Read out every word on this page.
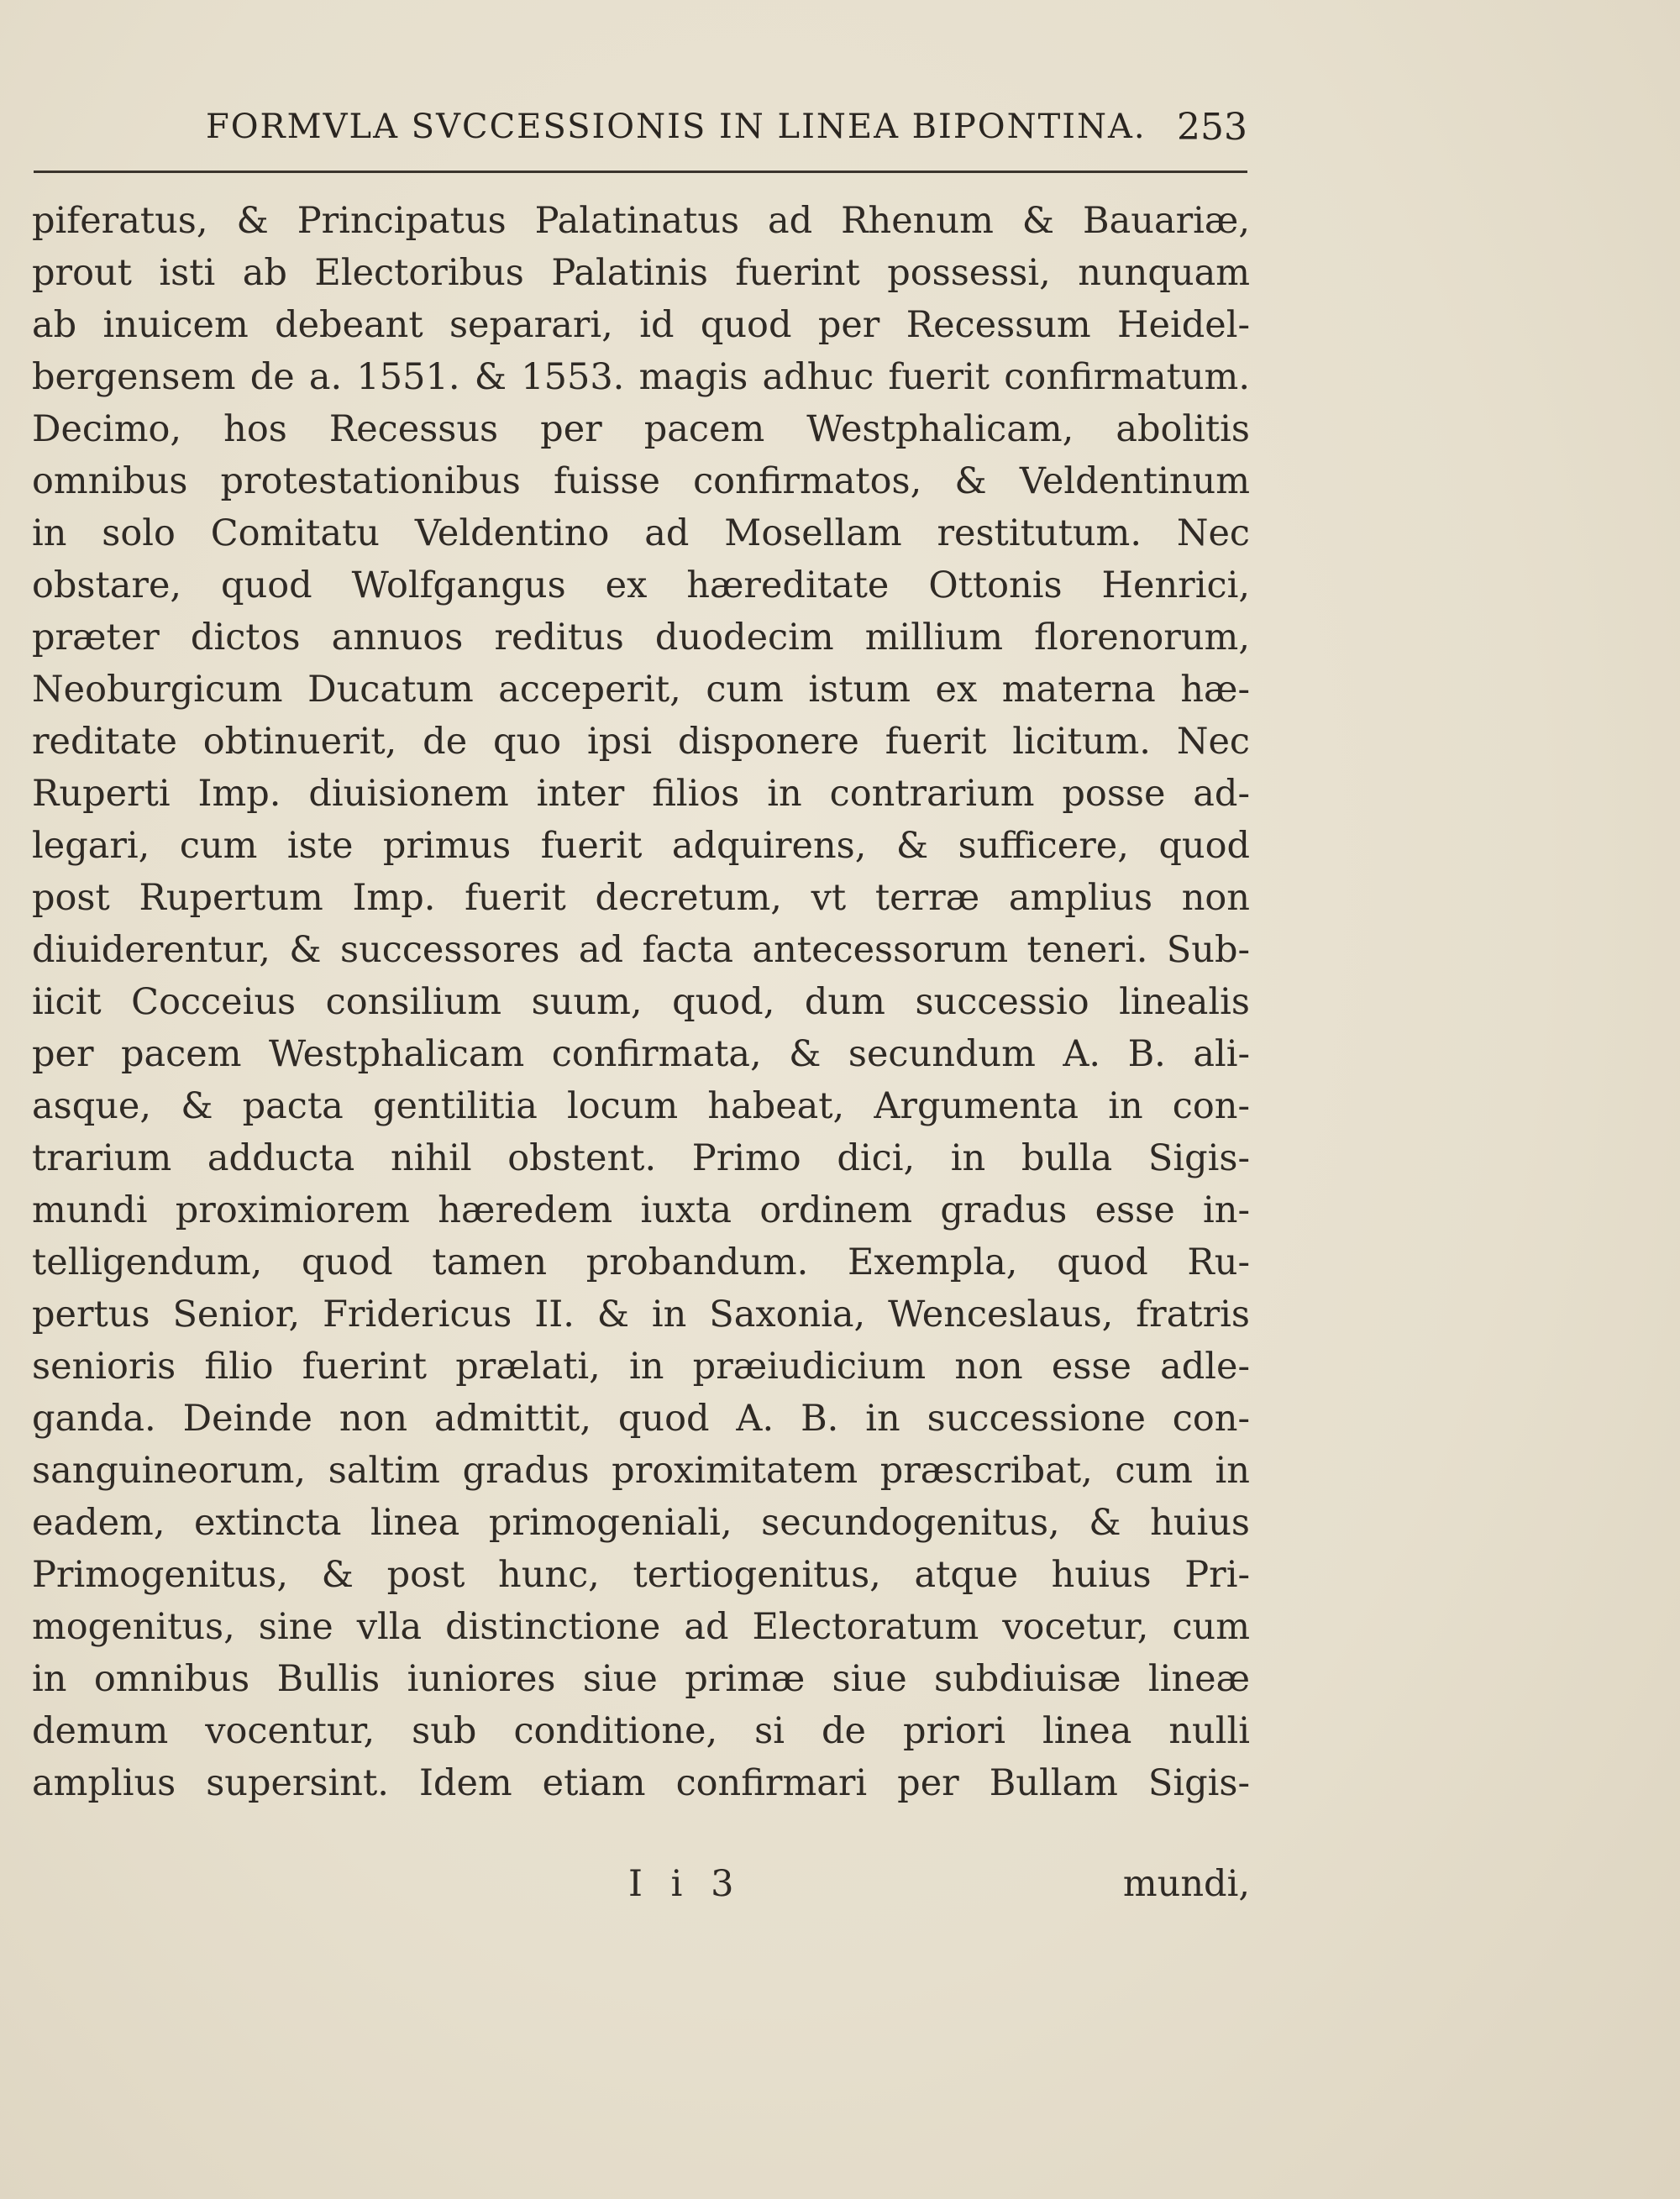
FORMVLA SVCCESSIONIS IN LINEA BIPONTINA. 253
piferatus, & Principatus Palatinatus ad Rhenum & Bauariæ,
prout isti ab Electoribus Palatinis fuerint possessi, nunquam
ab inuicem debeant separari, id quod per Recessum Heidel-
bergensem de a. 1551. & 1553. magis adhuc fuerit confirmatum.
Decimo, hos Recessus per pacem Westphalicam, abolitis
omnibus protestationibus fuisse confirmatos, & Veldentinum
in solo Comitatu Veldentino ad Mosellam restitutum. Nec
obstare, quod Wolfgangus ex hæreditate Ottonis Henrici,
præter dictos annuos reditus duodecim millium florenorum,
Neoburgicum Ducatum acceperit, cum istum ex materna hæ-
reditate obtinuerit, de quo ipsi disponere fuerit licitum. Nec
Ruperti Imp. diuisionem inter filios in contrarium posse ad-
legari, cum iste primus fuerit adquirens, & sufficere, quod
post Rupertum Imp. fuerit decretum, vt terræ amplius non
diuiderentur, & successores ad facta antecessorum teneri. Sub-
iicit Cocceius consilium suum, quod, dum successio linealis
per pacem Westphalicam confirmata, & secundum A. B. ali-
asque, & pacta gentilitia locum habeat, Argumenta in con-
trarium adducta nihil obstent. Primo dici, in bulla Sigis-
mundi proximiorem hæredem iuxta ordinem gradus esse in-
telligendum, quod tamen probandum. Exempla, quod Ru-
pertus Senior, Fridericus II. & in Saxonia, Wenceslaus, fratris
senioris filio fuerint prælati, in præiudicium non esse adle-
ganda. Deinde non admittit, quod A. B. in successione con-
sanguineorum, saltim gradus proximitatem præscribat, cum in
eadem, extincta linea primogeniali, secundogenitus, & huius
Primogenitus, & post hunc, tertiogenitus, atque huius Pri-
mogenitus, sine vlla distinctione ad Electoratum vocetur, cum
in omnibus Bullis iuniores siue primæ siue subdiuisæ lineæ
demum vocentur, sub conditione, si de priori linea nulli
amplius supersint. Idem etiam confirmari per Bullam Sigis-
I i 3	mundi,
